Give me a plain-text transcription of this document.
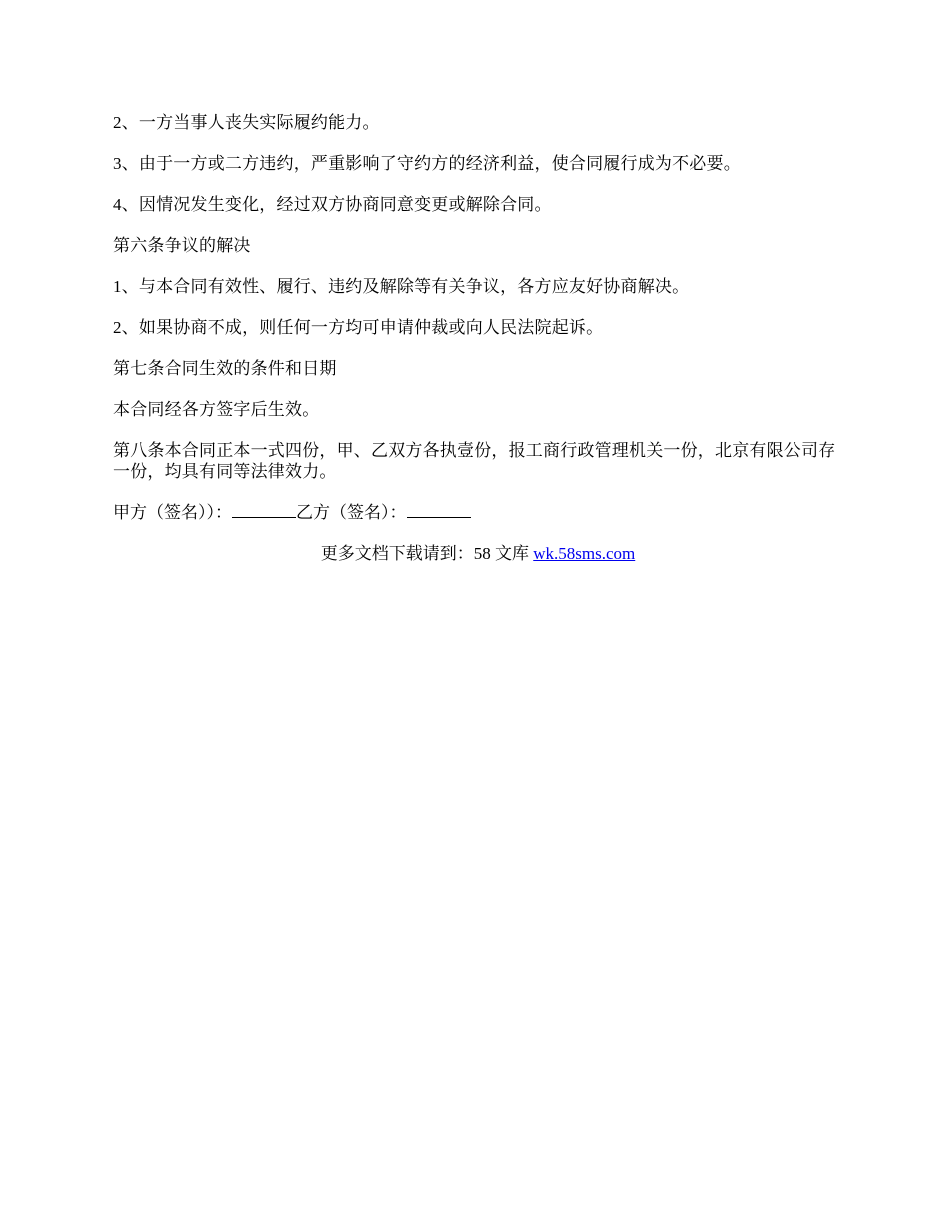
2、一方当事人丧失实际履约能力。

3、由于一方或二方违约，严重影响了守约方的经济利益，使合同履行成为不必要。

4、因情况发生变化，经过双方协商同意变更或解除合同。

第六条争议的解决

1、与本合同有效性、履行、违约及解除等有关争议，各方应友好协商解决。

2、如果协商不成，则任何一方均可申请仲裁或向人民法院起诉。

第七条合同生效的条件和日期

本合同经各方签字后生效。

第八条本合同正本一式四份，甲、乙双方各执壹份，报工商行政管理机关一份，北京有限公司存一份，均具有同等法律效力。

甲方（签名））：	乙方（签名）：

更多文档下载请到：58 文库 wk.58sms.com
